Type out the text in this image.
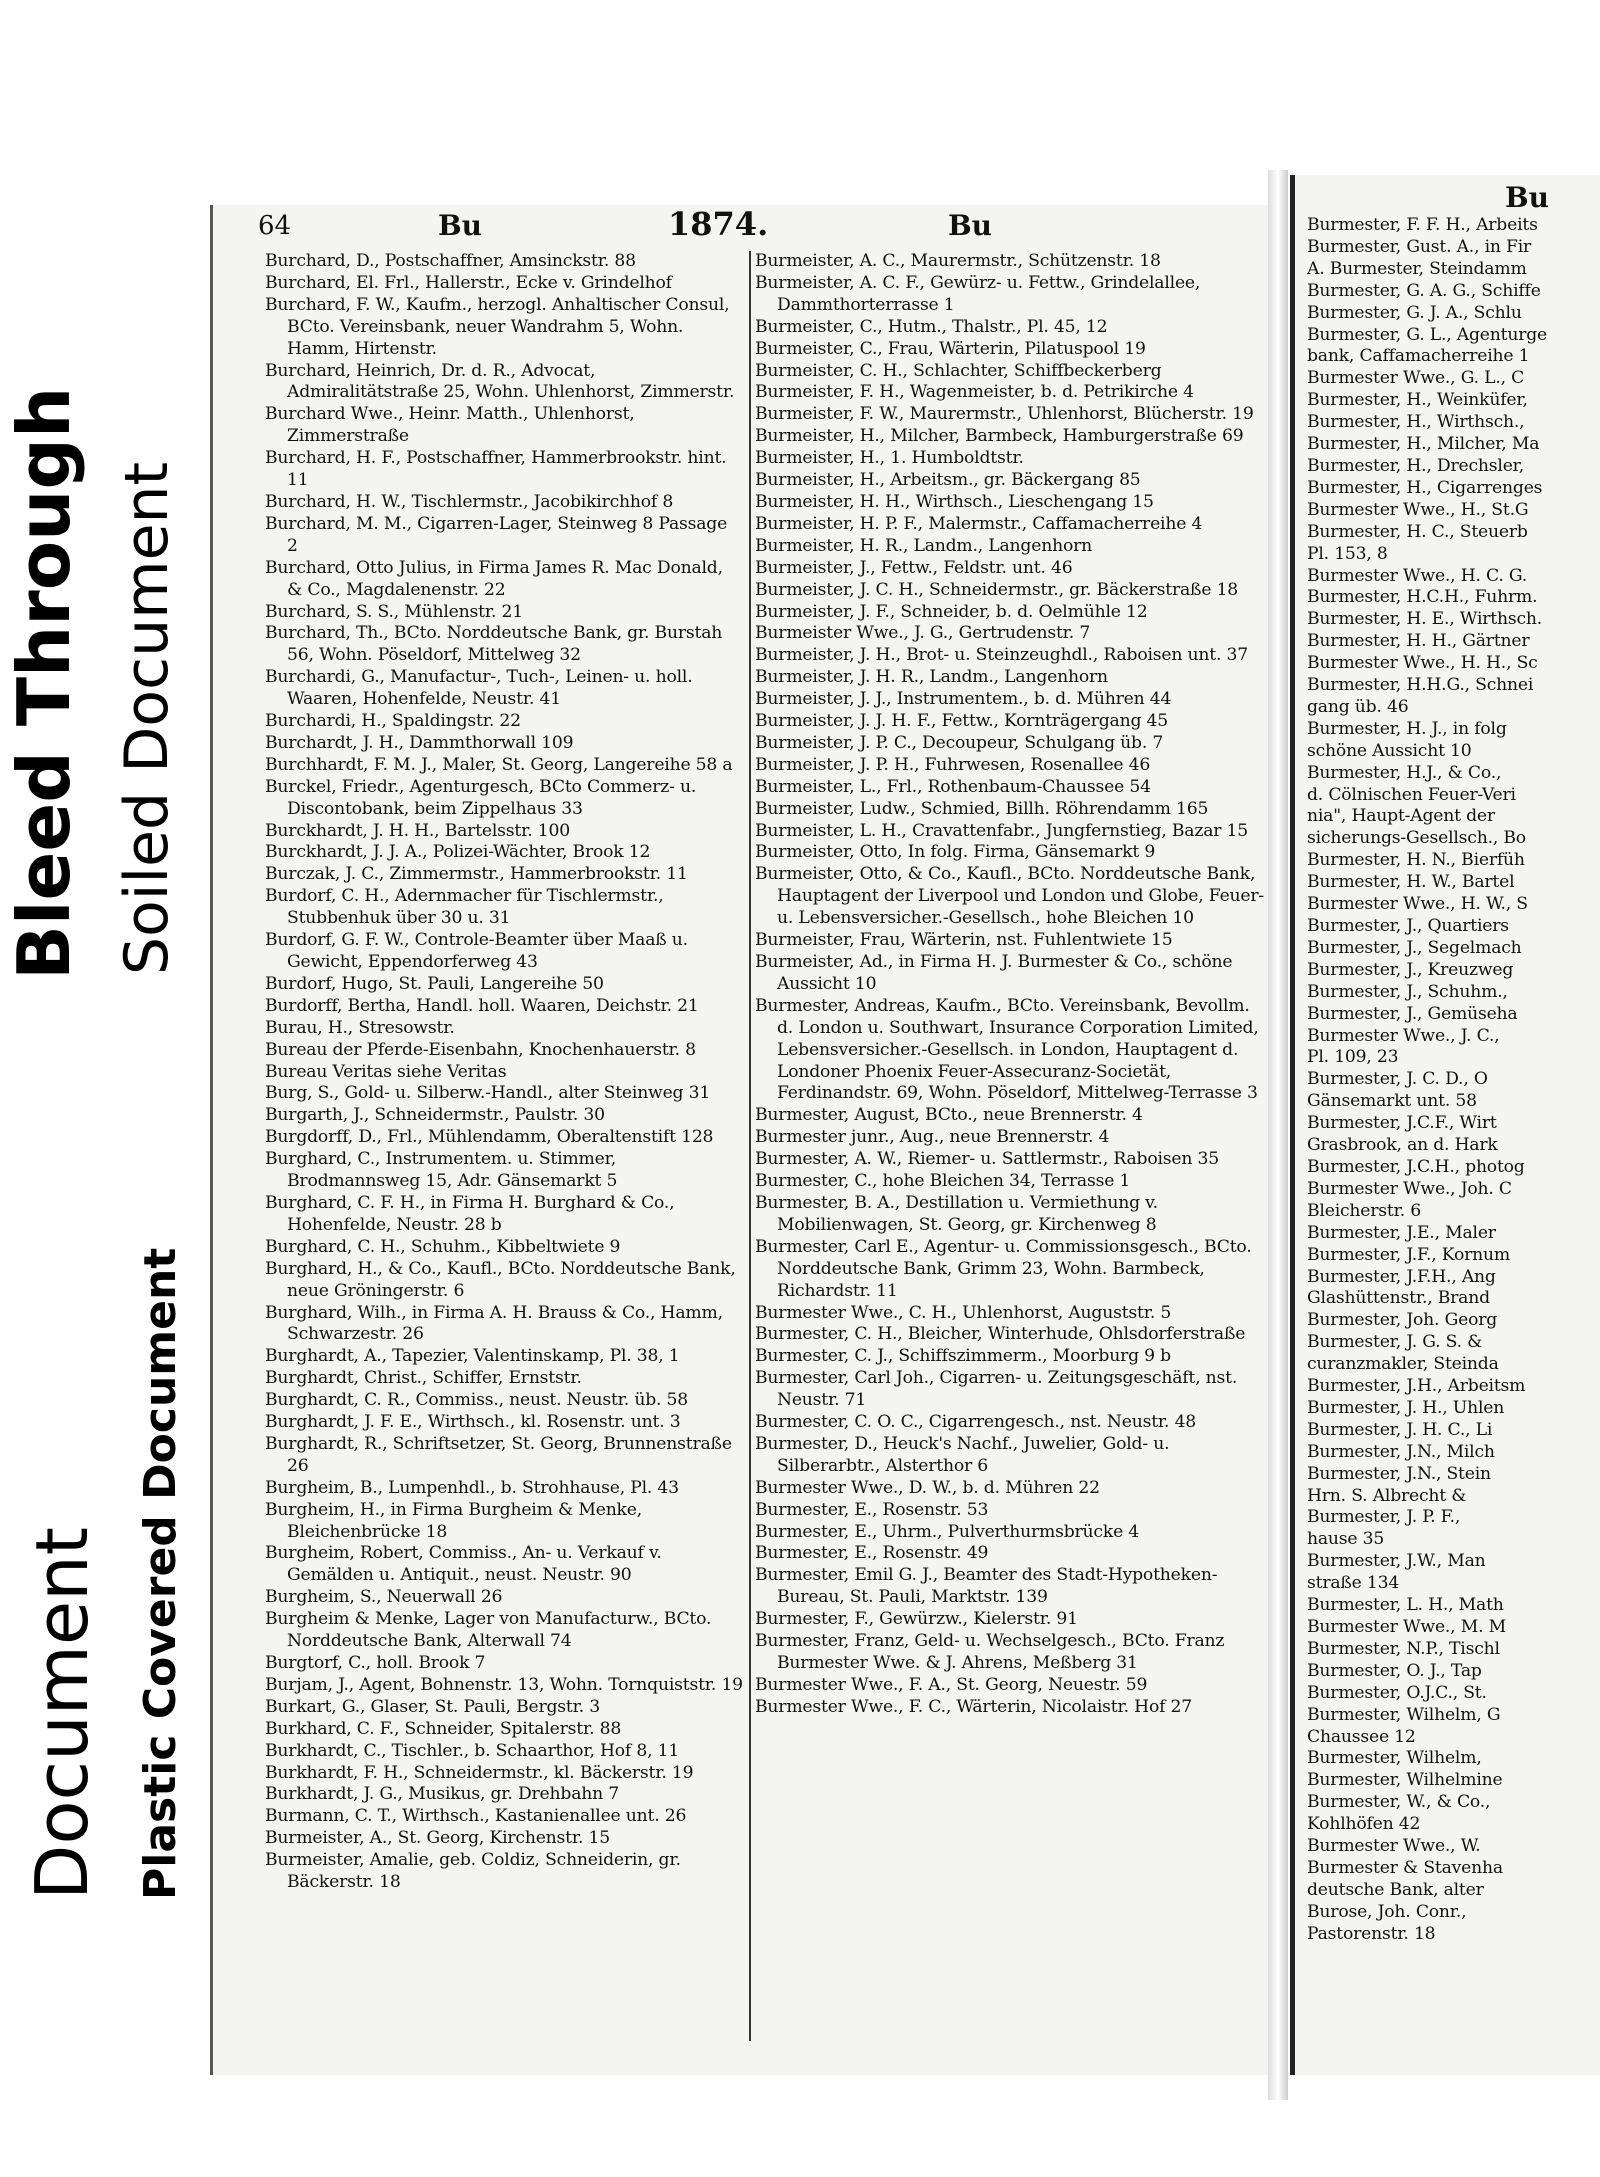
Bleed Through Soiled Document
Document Plastic Covered Document
64	Bu	1874.	Bu

Burchard, D., Postschaffner, Amsinckstr. 88

Burchard, El. Frl., Hallerstr., Ecke v. Grindelhof

Burchard, F. W., Kaufm., herzogl. Anhaltischer Consul, BCto. Vereinsbank, neuer Wandrahm 5, Wohn. Hamm, Hirtenstr.

Burchard, Heinrich, Dr. d. R., Advocat, Admiralitätstraße 25, Wohn. Uhlenhorst, Zimmerstr.

Burchard Wwe., Heinr. Matth., Uhlenhorst, Zimmerstraße

Burchard, H. F., Postschaffner, Hammerbrookstr. hint. 11

Burchard, H. W., Tischlermstr., Jacobikirchhof 8

Burchard, M. M., Cigarren-Lager, Steinweg 8 Passage 2

Burchard, Otto Julius, in Firma James R. Mac Donald, & Co., Magdalenenstr. 22

Burchard, S. S., Mühlenstr. 21

Burchard, Th., BCto. Norddeutsche Bank, gr. Burstah 56, Wohn. Pöseldorf, Mittelweg 32

Burchardi, G., Manufactur-, Tuch-, Leinen- u. holl. Waaren, Hohenfelde, Neustr. 41

Burchardi, H., Spaldingstr. 22

Burchardt, J. H., Dammthorwall 109

Burchhardt, F. M. J., Maler, St. Georg, Langereihe 58 a

Burckel, Friedr., Agenturgesch, BCto Commerz- u. Discontobank, beim Zippelhaus 33

Burckhardt, J. H. H., Bartelsstr. 100

Burckhardt, J. J. A., Polizei-Wächter, Brook 12

Burczak, J. C., Zimmermstr., Hammerbrookstr. 11

Burdorf, C. H., Adernmacher für Tischlermstr., Stubbenhuk über 30 u. 31

Burdorf, G. F. W., Controle-Beamter über Maaß u. Gewicht, Eppendorferweg 43

Burdorf, Hugo, St. Pauli, Langereihe 50

Burdorff, Bertha, Handl. holl. Waaren, Deichstr. 21

Burau, H., Stresowstr.

Bureau der Pferde-Eisenbahn, Knochenhauerstr. 8

Bureau Veritas siehe Veritas

Burg, S., Gold- u. Silberw.-Handl., alter Steinweg 31

Burgarth, J., Schneidermstr., Paulstr. 30

Burgdorff, D., Frl., Mühlendamm, Oberaltenstift 128

Burghard, C., Instrumentem. u. Stimmer, Brodmannsweg 15, Adr. Gänsemarkt 5

Burghard, C. F. H., in Firma H. Burghard & Co., Hohenfelde, Neustr. 28 b

Burghard, C. H., Schuhm., Kibbeltwiete 9

Burghard, H., & Co., Kaufl., BCto. Norddeutsche Bank, neue Gröningerstr. 6

Burghard, Wilh., in Firma A. H. Brauss & Co., Hamm, Schwarzestr. 26

Burghardt, A., Tapezier, Valentinskamp, Pl. 38, 1

Burghardt, Christ., Schiffer, Ernststr.

Burghardt, C. R., Commiss., neust. Neustr. üb. 58

Burghardt, J. F. E., Wirthsch., kl. Rosenstr. unt. 3

Burghardt, R., Schriftsetzer, St. Georg, Brunnenstraße 26

Burgheim, B., Lumpenhdl., b. Strohhause, Pl. 43

Burgheim, H., in Firma Burgheim & Menke, Bleichenbrücke 18

Burgheim, Robert, Commiss., An- u. Verkauf v. Gemälden u. Antiquit., neust. Neustr. 90

Burgheim, S., Neuerwall 26

Burgheim & Menke, Lager von Manufacturw., BCto. Norddeutsche Bank, Alterwall 74

Burgtorf, C., holl. Brook 7

Burjam, J., Agent, Bohnenstr. 13, Wohn. Tornquiststr. 19

Burkart, G., Glaser, St. Pauli, Bergstr. 3

Burkhard, C. F., Schneider, Spitalerstr. 88

Burkhardt, C., Tischler., b. Schaarthor, Hof 8, 11

Burkhardt, F. H., Schneidermstr., kl. Bäckerstr. 19

Burkhardt, J. G., Musikus, gr. Drehbahn 7

Burmann, C. T., Wirthsch., Kastanienallee unt. 26

Burmeister, A., St. Georg, Kirchenstr. 15

Burmeister, Amalie, geb. Coldiz, Schneiderin, gr. Bäckerstr. 18

Burmeister, A. C., Maurermstr., Schützenstr. 18

Burmeister, A. C. F., Gewürz- u. Fettw., Grindelallee, Dammthorterrasse 1

Burmeister, C., Hutm., Thalstr., Pl. 45, 12

Burmeister, C., Frau, Wärterin, Pilatuspool 19

Burmeister, C. H., Schlachter, Schiffbeckerberg

Burmeister, F. H., Wagenmeister, b. d. Petrikirche 4

Burmeister, F. W., Maurermstr., Uhlenhorst, Blücherstr. 19

Burmeister, H., Milcher, Barmbeck, Hamburgerstraße 69

Burmeister, H., 1. Humboldtstr.

Burmeister, H., Arbeitsm., gr. Bäckergang 85

Burmeister, H. H., Wirthsch., Lieschengang 15

Burmeister, H. P. F., Malermstr., Caffamacherreihe 4

Burmeister, H. R., Landm., Langenhorn

Burmeister, J., Fettw., Feldstr. unt. 46

Burmeister, J. C. H., Schneidermstr., gr. Bäckerstraße 18

Burmeister, J. F., Schneider, b. d. Oelmühle 12

Burmeister Wwe., J. G., Gertrudenstr. 7

Burmeister, J. H., Brot- u. Steinzeughdl., Raboisen unt. 37

Burmeister, J. H. R., Landm., Langenhorn

Burmeister, J. J., Instrumentem., b. d. Mühren 44

Burmeister, J. J. H. F., Fettw., Kornträgergang 45

Burmeister, J. P. C., Decoupeur, Schulgang üb. 7

Burmeister, J. P. H., Fuhrwesen, Rosenallee 46

Burmeister, L., Frl., Rothenbaum-Chaussee 54

Burmeister, Ludw., Schmied, Billh. Röhrendamm 165

Burmeister, L. H., Cravattenfabr., Jungfernstieg, Bazar 15

Burmeister, Otto, In folg. Firma, Gänsemarkt 9

Burmeister, Otto, & Co., Kaufl., BCto. Norddeutsche Bank, Hauptagent der Liverpool und London und Globe, Feuer- u. Lebensversicher.-Gesellsch., hohe Bleichen 10

Burmeister, Frau, Wärterin, nst. Fuhlentwiete 15

Burmeister, Ad., in Firma H. J. Burmester & Co., schöne Aussicht 10

Burmester, Andreas, Kaufm., BCto. Vereinsbank, Bevollm. d. London u. Southwart, Insurance Corporation Limited, Lebensversicher.-Gesellsch. in London, Hauptagent d. Londoner Phoenix Feuer-Assecuranz-Societät, Ferdinandstr. 69, Wohn. Pöseldorf, Mittelweg-Terrasse 3

Burmester, August, BCto., neue Brennerstr. 4

Burmester junr., Aug., neue Brennerstr. 4

Burmester, A. W., Riemer- u. Sattlermstr., Raboisen 35

Burmester, C., hohe Bleichen 34, Terrasse 1

Burmester, B. A., Destillation u. Vermiethung v. Mobilienwagen, St. Georg, gr. Kirchenweg 8

Burmester, Carl E., Agentur- u. Commissionsgesch., BCto. Norddeutsche Bank, Grimm 23, Wohn. Barmbeck, Richardstr. 11

Burmester Wwe., C. H., Uhlenhorst, Auguststr. 5

Burmester, C. H., Bleicher, Winterhude, Ohlsdorferstraße

Burmester, C. J., Schiffszimmerm., Moorburg 9 b

Burmester, Carl Joh., Cigarren- u. Zeitungsgeschäft, nst. Neustr. 71

Burmester, C. O. C., Cigarrengesch., nst. Neustr. 48

Burmester, D., Heuck's Nachf., Juwelier, Gold- u. Silberarbtr., Alsterthor 6

Burmester Wwe., D. W., b. d. Mühren 22

Burmester, E., Rosenstr. 53

Burmester, E., Uhrm., Pulverthurmsbrücke 4

Burmester, E., Rosenstr. 49

Burmester, Emil G. J., Beamter des Stadt-Hypotheken-Bureau, St. Pauli, Marktstr. 139

Burmester, F., Gewürzw., Kielerstr. 91

Burmester, Franz, Geld- u. Wechselgesch., BCto. Franz Burmester Wwe. & J. Ahrens, Meßberg 31

Burmester Wwe., F. A., St. Georg, Neuestr. 59

Burmester Wwe., F. C., Wärterin, Nicolaistr. Hof 27

Bu

Burmester, F. F. H., Arbeits

Burmester, Gust. A., in Fir

A. Burmester, Steindamm

Burmester, G. A. G., Schiffe

Burmester, G. J. A., Schlu

Burmester, G. L., Agenturge

bank, Caffamacherreihe 1

Burmester Wwe., G. L., C

Burmester, H., Weinküfer,

Burmester, H., Wirthsch.,

Burmester, H., Milcher, Ma

Burmester, H., Drechsler,

Burmester, H., Cigarrenges

Burmester Wwe., H., St.G

Burmester, H. C., Steuerb

Pl. 153, 8

Burmester Wwe., H. C. G.

Burmester, H.C.H., Fuhrm.

Burmester, H. E., Wirthsch.

Burmester, H. H., Gärtner

Burmester Wwe., H. H., Sc

Burmester, H.H.G., Schnei

gang üb. 46

Burmester, H. J., in folg

schöne Aussicht 10

Burmester, H.J., & Co.,

d. Cölnischen Feuer-Veri

nia", Haupt-Agent der

sicherungs-Gesellsch., Bo

Burmester, H. N., Bierfüh

Burmester, H. W., Bartel

Burmester Wwe., H. W., S

Burmester, J., Quartiers

Burmester, J., Segelmach

Burmester, J., Kreuzweg

Burmester, J., Schuhm.,

Burmester, J., Gemüseha

Burmester Wwe., J. C.,

Pl. 109, 23

Burmester, J. C. D., O

Gänsemarkt unt. 58

Burmester, J.C.F., Wirt

Grasbrook, an d. Hark

Burmester, J.C.H., photog

Burmester Wwe., Joh. C

Bleicherstr. 6

Burmester, J.E., Maler

Burmester, J.F., Kornum

Burmester, J.F.H., Ang

Glashüttenstr., Brand

Burmester, Joh. Georg

Burmester, J. G. S. &

curanzmakler, Steinda

Burmester, J.H., Arbeitsm

Burmester, J. H., Uhlen

Burmester, J. H. C., Li

Burmester, J.N., Milch

Burmester, J.N., Stein

Hrn. S. Albrecht &

Burmester, J. P. F.,

hause 35

Burmester, J.W., Man

straße 134

Burmester, L. H., Math

Burmester Wwe., M. M

Burmester, N.P., Tischl

Burmester, O. J., Tap

Burmester, O.J.C., St.

Burmester, Wilhelm, G

Chaussee 12

Burmester, Wilhelm,

Burmester, Wilhelmine

Burmester, W., & Co.,

Kohlhöfen 42

Burmester Wwe., W.

Burmester & Stavenha

deutsche Bank, alter

Burose, Joh. Conr.,

Pastorenstr. 18
